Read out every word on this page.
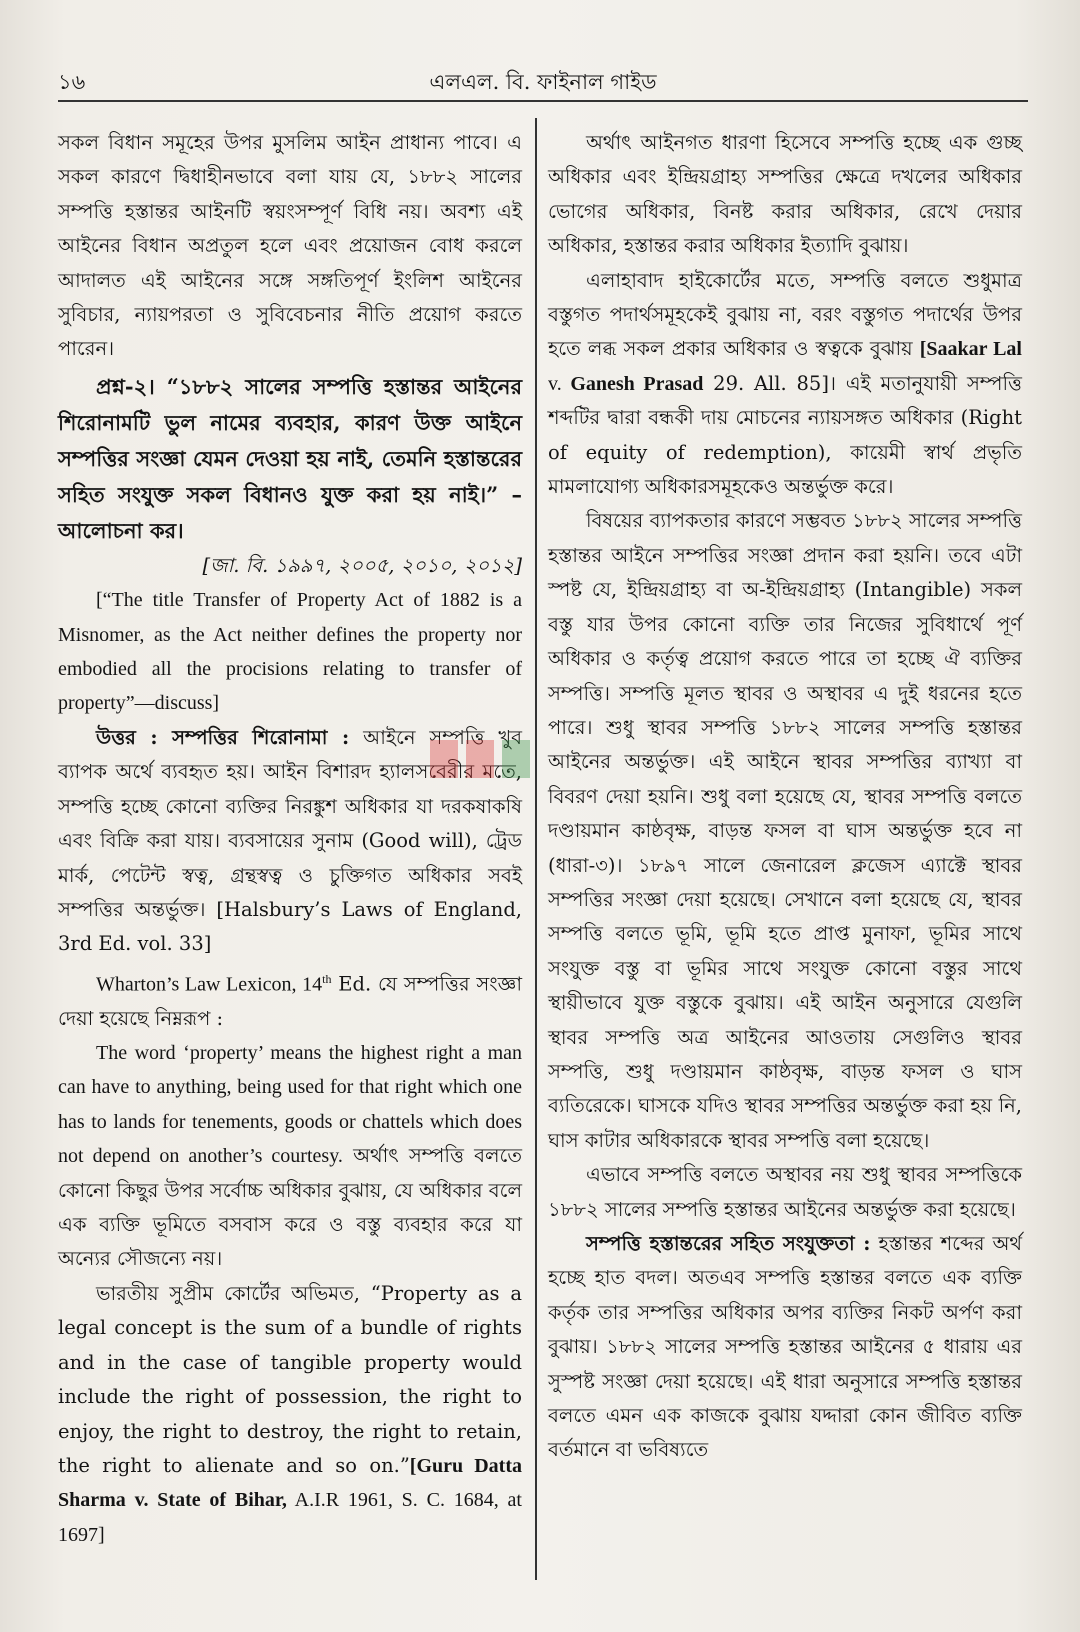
এলএল. বি. ফাইনাল গাইড
১৬

সকল বিধান সমূহের উপর মুসলিম আইন প্রাধান্য পাবে। এ সকল কারণে দ্বিধাহীনভাবে বলা যায় যে, ১৮৮২ সালের সম্পত্তি হস্তান্তর আইনটি স্বয়ংসম্পূর্ণ বিধি নয়। অবশ্য এই আইনের বিধান অপ্রতুল হলে এবং প্রয়োজন বোধ করলে আদালত এই আইনের সঙ্গে সঙ্গতিপূর্ণ ইংলিশ আইনের সুবিচার, ন্যায়পরতা ও সুবিবেচনার নীতি প্রয়োগ করতে পারেন।

প্রশ্ন-২। “১৮৮২ সালের সম্পত্তি হস্তান্তর আইনের শিরোনামটি ভুল নামের ব্যবহার, কারণ উক্ত আইনে সম্পত্তির সংজ্ঞা যেমন দেওয়া হয় নাই, তেমনি হস্তান্তরের সহিত সংযুক্ত সকল বিধানও যুক্ত করা হয় নাই।” –আলোচনা কর।

[জা. বি. ১৯৯৭, ২০০৫, ২০১০, ২০১২]

[“The title Transfer of Property Act of 1882 is a Misnomer, as the Act neither defines the property nor embodied all the procisions relating to transfer of property”—discuss]

উত্তর : সম্পত্তির শিরোনামা : আইনে সম্পত্তি খুব ব্যাপক অর্থে ব্যবহৃত হয়। আইন বিশারদ হ্যালসবেরীর মতে, সম্পত্তি হচ্ছে কোনো ব্যক্তির নিরঙ্কুশ অধিকার যা দরকষাকষি এবং বিক্রি করা যায়। ব্যবসায়ের সুনাম (Good will), ট্রেড মার্ক, পেটেন্ট স্বত্ব, গ্রন্থস্বত্ব ও চুক্তিগত অধিকার সবই সম্পত্তির অন্তর্ভুক্ত। [Halsbury’s Laws of England, 3rd Ed. vol. 33]

Wharton’s Law Lexicon, 14th Ed. যে সম্পত্তির সংজ্ঞা দেয়া হয়েছে নিম্নরূপ :

The word ‘property’ means the highest right a man can have to anything, being used for that right which one has to lands for tenements, goods or chattels which does not depend on another’s courtesy. অর্থাৎ সম্পত্তি বলতে কোনো কিছুর উপর সর্বোচ্চ অধিকার বুঝায়, যে অধিকার বলে এক ব্যক্তি ভূমিতে বসবাস করে ও বস্তু ব্যবহার করে যা অন্যের সৌজন্যে নয়।

ভারতীয় সুপ্রীম কোর্টের অভিমত, “Property as a legal concept is the sum of a bundle of rights and in the case of tangible property would include the right of possession, the right to enjoy, the right to destroy, the right to retain, the right to alienate and so on.”[Guru Datta Sharma v. State of Bihar, A.I.R 1961, S. C. 1684, at 1697]

অর্থাৎ আইনগত ধারণা হিসেবে সম্পত্তি হচ্ছে এক গুচ্ছ অধিকার এবং ইন্দ্রিয়গ্রাহ্য সম্পত্তির ক্ষেত্রে দখলের অধিকার ভোগের অধিকার, বিনষ্ট করার অধিকার, রেখে দেয়ার অধিকার, হস্তান্তর করার অধিকার ইত্যাদি বুঝায়।

এলাহাবাদ হাইকোর্টের মতে, সম্পত্তি বলতে শুধুমাত্র বস্তুগত পদার্থসমূহকেই বুঝায় না, বরং বস্তুগত পদার্থের উপর হতে লব্ধ সকল প্রকার অধিকার ও স্বত্বকে বুঝায় [Saakar Lal v. Ganesh Prasad 29. All. 85]। এই মতানুযায়ী সম্পত্তি শব্দটির দ্বারা বন্ধকী দায় মোচনের ন্যায়সঙ্গত অধিকার (Right of equity of redemption), কায়েমী স্বার্থ প্রভৃতি মামলাযোগ্য অধিকারসমূহকেও অন্তর্ভুক্ত করে।

বিষয়ের ব্যাপকতার কারণে সম্ভবত ১৮৮২ সালের সম্পত্তি হস্তান্তর আইনে সম্পত্তির সংজ্ঞা প্রদান করা হয়নি। তবে এটা স্পষ্ট যে, ইন্দ্রিয়গ্রাহ্য বা অ-ইন্দ্রিয়গ্রাহ্য (Intangible) সকল বস্তু যার উপর কোনো ব্যক্তি তার নিজের সুবিধার্থে পূর্ণ অধিকার ও কর্তৃত্ব প্রয়োগ করতে পারে তা হচ্ছে ঐ ব্যক্তির সম্পত্তি। সম্পত্তি মূলত স্থাবর ও অস্থাবর এ দুই ধরনের হতে পারে। শুধু স্থাবর সম্পত্তি ১৮৮২ সালের সম্পত্তি হস্তান্তর আইনের অন্তর্ভুক্ত। এই আইনে স্থাবর সম্পত্তির ব্যাখ্যা বা বিবরণ দেয়া হয়নি। শুধু বলা হয়েছে যে, স্থাবর সম্পত্তি বলতে দণ্ডায়মান কাষ্ঠবৃক্ষ, বাড়ন্ত ফসল বা ঘাস অন্তর্ভুক্ত হবে না (ধারা-৩)। ১৮৯৭ সালে জেনারেল ক্লজেস এ্যাক্টে স্থাবর সম্পত্তির সংজ্ঞা দেয়া হয়েছে। সেখানে বলা হয়েছে যে, স্থাবর সম্পত্তি বলতে ভূমি, ভূমি হতে প্রাপ্ত মুনাফা, ভূমির সাথে সংযুক্ত বস্তু বা ভূমির সাথে সংযুক্ত কোনো বস্তুর সাথে স্থায়ীভাবে যুক্ত বস্তুকে বুঝায়। এই আইন অনুসারে যেগুলি স্থাবর সম্পত্তি অত্র আইনের আওতায় সেগুলিও স্থাবর সম্পত্তি, শুধু দণ্ডায়মান কাষ্ঠবৃক্ষ, বাড়ন্ত ফসল ও ঘাস ব্যতিরেকে। ঘাসকে যদিও স্থাবর সম্পত্তির অন্তর্ভুক্ত করা হয় নি, ঘাস কাটার অধিকারকে স্থাবর সম্পত্তি বলা হয়েছে।

এভাবে সম্পত্তি বলতে অস্থাবর নয় শুধু স্থাবর সম্পত্তিকে ১৮৮২ সালের সম্পত্তি হস্তান্তর আইনের অন্তর্ভুক্ত করা হয়েছে।

সম্পত্তি হস্তান্তরের সহিত সংযুক্ততা : হস্তান্তর শব্দের অর্থ হচ্ছে হাত বদল। অতএব সম্পত্তি হস্তান্তর বলতে এক ব্যক্তি কর্তৃক তার সম্পত্তির অধিকার অপর ব্যক্তির নিকট অর্পণ করা বুঝায়। ১৮৮২ সালের সম্পত্তি হস্তান্তর আইনের ৫ ধারায় এর সুস্পষ্ট সংজ্ঞা দেয়া হয়েছে। এই ধারা অনুসারে সম্পত্তি হস্তান্তর বলতে এমন এক কাজকে বুঝায় যদ্দারা কোন জীবিত ব্যক্তি বর্তমানে বা ভবিষ্যতে
